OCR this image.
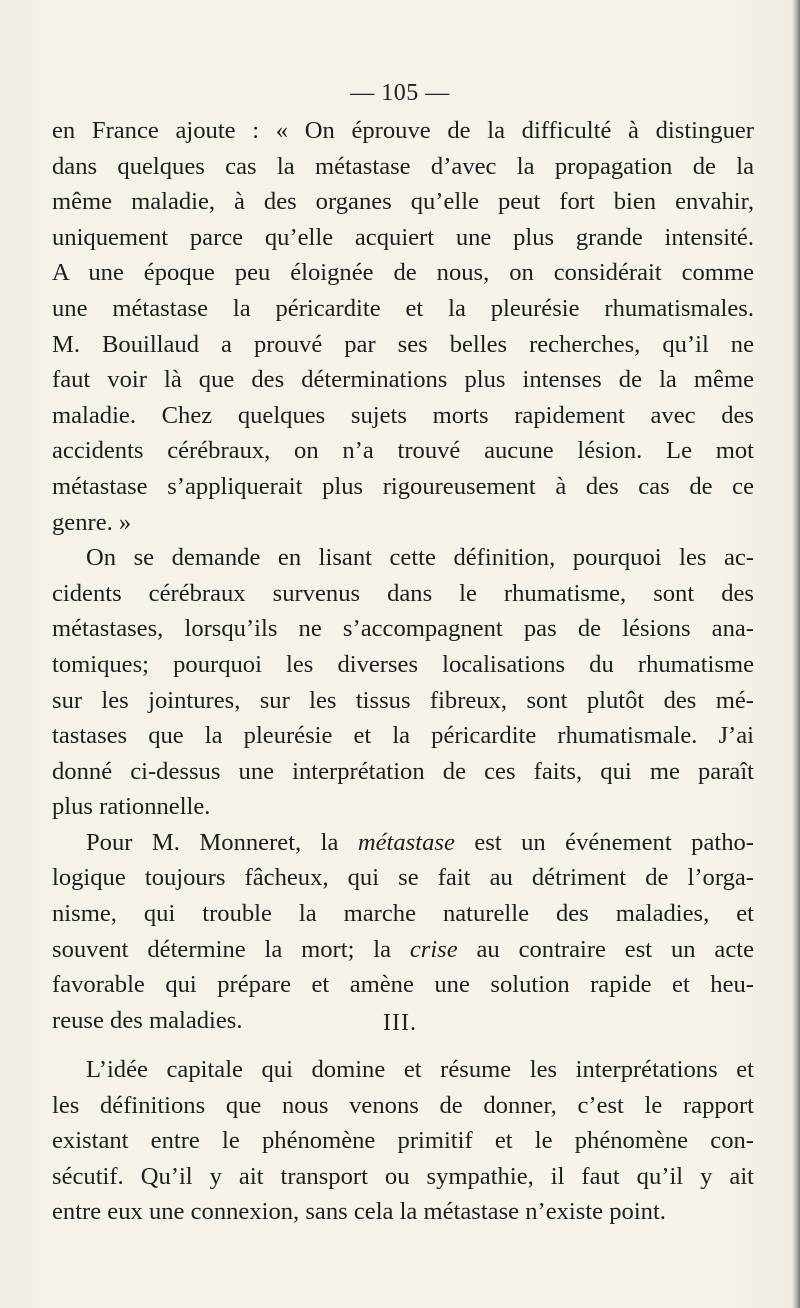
— 105 —
en France ajoute : « On éprouve de la difficulté à distinguer
dans quelques cas la métastase d’avec la propagation de la
même maladie, à des organes qu’elle peut fort bien envahir,
uniquement parce qu’elle acquiert une plus grande intensité.
A une époque peu éloignée de nous, on considérait comme
une métastase la péricardite et la pleurésie rhumatismales.
M. Bouillaud a prouvé par ses belles recherches, qu’il ne
faut voir là que des déterminations plus intenses de la même
maladie. Chez quelques sujets morts rapidement avec des
accidents cérébraux, on n’a trouvé aucune lésion. Le mot
métastase s’appliquerait plus rigoureusement à des cas de ce
genre. »
On se demande en lisant cette définition, pourquoi les ac-
cidents cérébraux survenus dans le rhumatisme, sont des
métastases, lorsqu’ils ne s’accompagnent pas de lésions ana-
tomiques; pourquoi les diverses localisations du rhumatisme
sur les jointures, sur les tissus fibreux, sont plutôt des mé-
tastases que la pleurésie et la péricardite rhumatismale. J’ai
donné ci-dessus une interprétation de ces faits, qui me paraît
plus rationnelle.
Pour M. Monneret, la métastase est un événement patho-
logique toujours fâcheux, qui se fait au détriment de l’orga-
nisme, qui trouble la marche naturelle des maladies, et
souvent détermine la mort; la crise au contraire est un acte
favorable qui prépare et amène une solution rapide et heu-
reuse des maladies.	III.
L’idée capitale qui domine et résume les interprétations et
les définitions que nous venons de donner, c’est le rapport
existant entre le phénomène primitif et le phénomène con-
sécutif. Qu’il y ait transport ou sympathie, il faut qu’il y ait
entre eux une connexion, sans cela la métastase n’existe point.
